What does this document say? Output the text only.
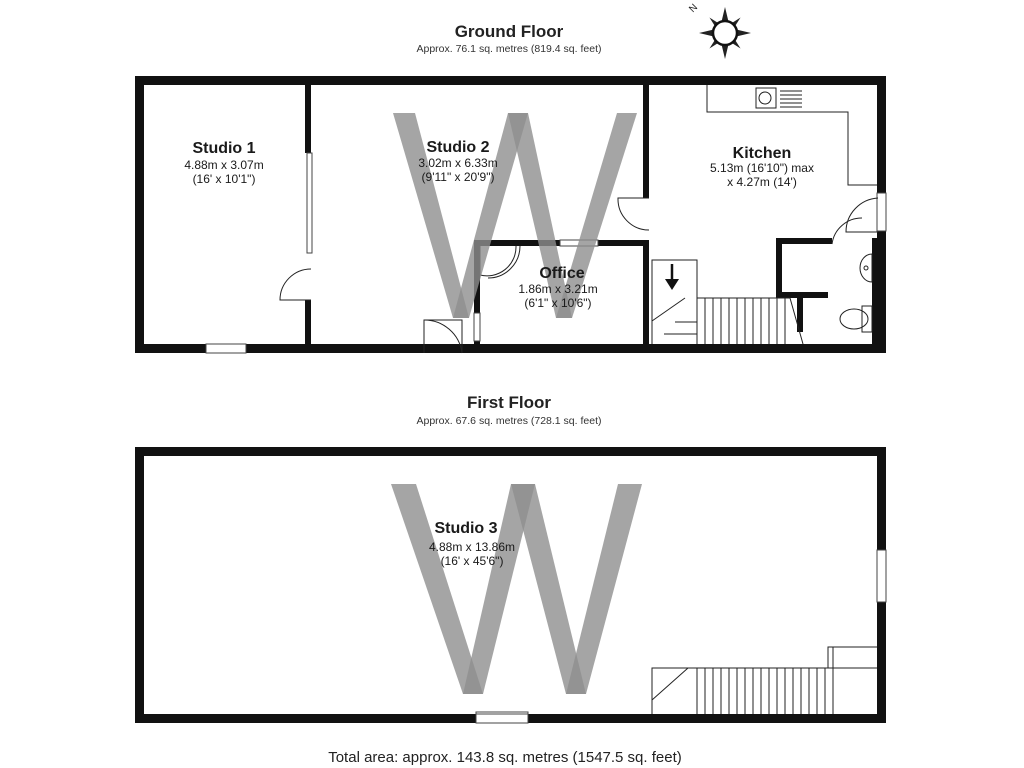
Ground Floor
Approx. 76.1 sq. metres (819.4 sq. feet)
N
Studio 1
4.88m x 3.07m
(16' x 10'1")
Studio 2
3.02m x 6.33m
(9'11" x 20'9")
Office
1.86m x 3.21m
(6'1" x 10'6")
Kitchen
5.13m (16'10") max
x 4.27m (14')
First Floor
Approx. 67.6 sq. metres (728.1 sq. feet)
Studio 3
4.88m x 13.86m
(16' x 45'6")
Total area: approx. 143.8 sq. metres (1547.5 sq. feet)
